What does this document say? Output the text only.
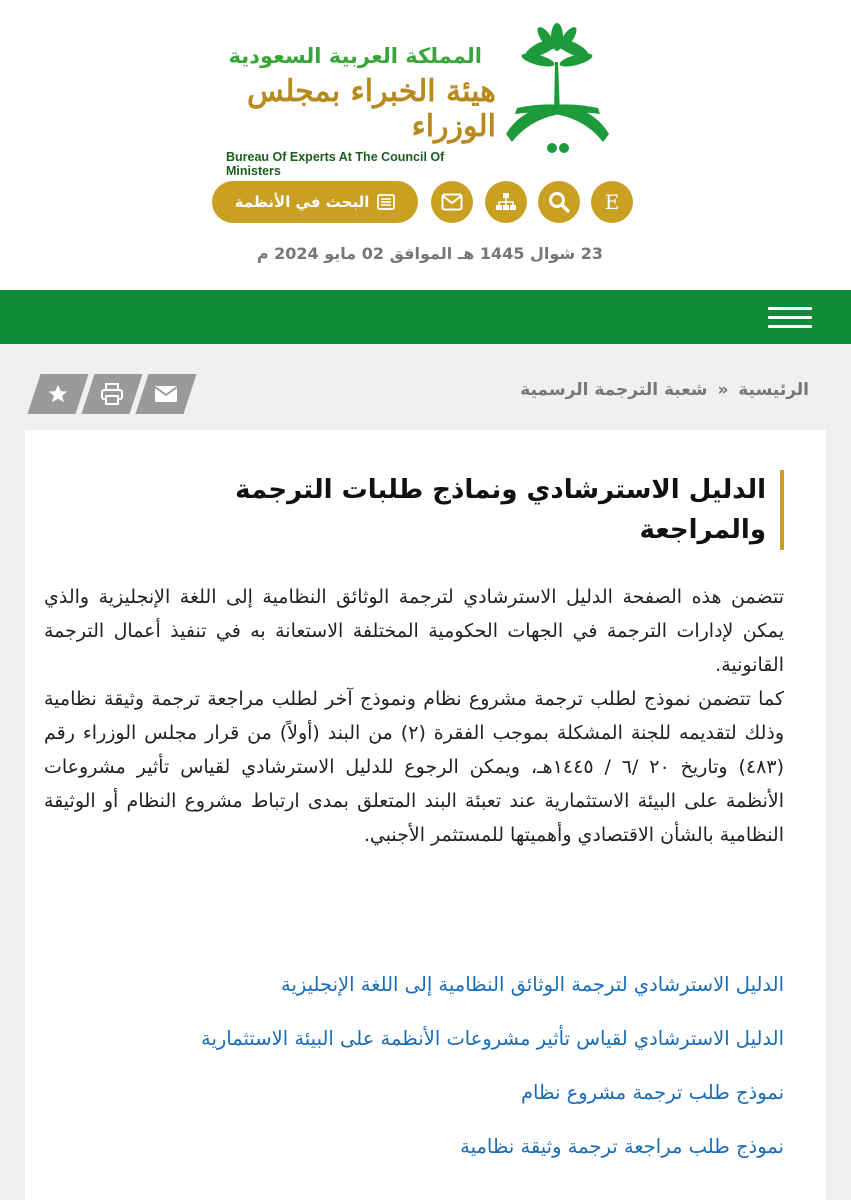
المملكة العربية السعودية
هيئة الخبراء بمجلس الوزراء
Bureau Of Experts At The Council Of Ministers
البحث في الأنظمة	E
23 شوال 1445 هـ الموافق 02 مايو 2024 م
الرئيسية « شعبة الترجمة الرسمية
الدليل الاسترشادي ونماذج طلبات الترجمة والمراجعة

تتضمن هذه الصفحة الدليل الاسترشادي لترجمة الوثائق النظامية إلى اللغة الإنجليزية والذي يمكن لإدارات الترجمة في الجهات الحكومية المختلفة الاستعانة به في تنفيذ أعمال الترجمة القانونية.

كما تتضمن نموذج لطلب ترجمة مشروع نظام ونموذج آخر لطلب مراجعة ترجمة وثيقة نظامية وذلك لتقديمه للجنة المشكلة بموجب الفقرة (٢) من البند (أولاً) من قرار مجلس الوزراء رقم (٤٨٣) وتاريخ ٢٠ /٦ / ١٤٤٥هـ، ويمكن الرجوع للدليل الاسترشادي لقياس تأثير مشروعات الأنظمة على البيئة الاستثمارية عند تعبئة البند المتعلق بمدى ارتباط مشروع النظام أو الوثيقة النظامية بالشأن الاقتصادي وأهميتها للمستثمر الأجنبي.

الدليل الاسترشادي لترجمة الوثائق النظامية إلى اللغة الإنجليزية
الدليل الاسترشادي لقياس تأثير مشروعات الأنظمة على البيئة الاستثمارية
نموذج طلب ترجمة مشروع نظام
نموذج طلب مراجعة ترجمة وثيقة نظامية
